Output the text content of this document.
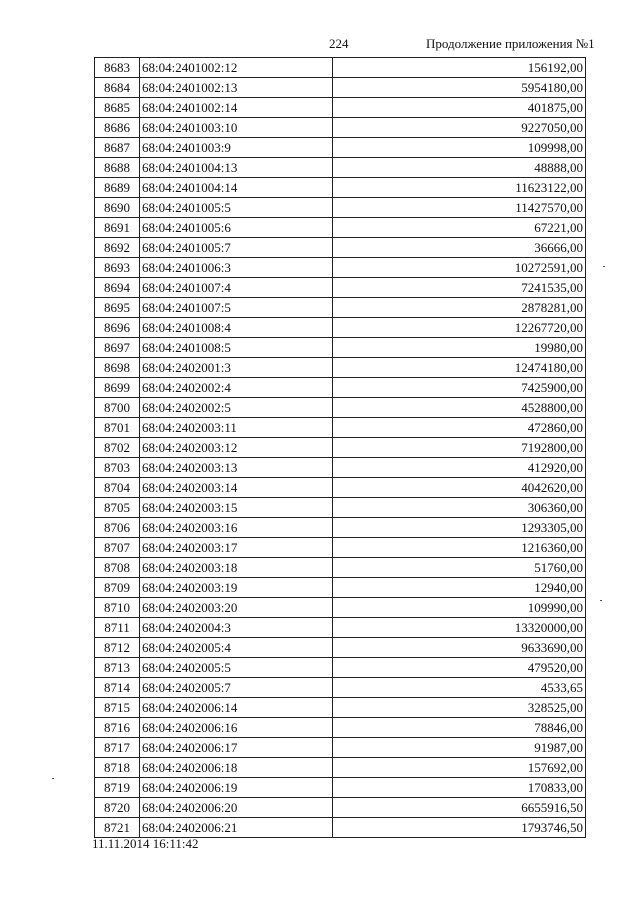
224	Продолжение приложения №1
8683	68:04:2401002:12	156192,00
8684	68:04:2401002:13	5954180,00
8685	68:04:2401002:14	401875,00
8686	68:04:2401003:10	9227050,00
8687	68:04:2401003:9	109998,00
8688	68:04:2401004:13	48888,00
8689	68:04:2401004:14	11623122,00
8690	68:04:2401005:5	11427570,00
8691	68:04:2401005:6	67221,00
8692	68:04:2401005:7	36666,00
8693	68:04:2401006:3	10272591,00
8694	68:04:2401007:4	7241535,00
8695	68:04:2401007:5	2878281,00
8696	68:04:2401008:4	12267720,00
8697	68:04:2401008:5	19980,00
8698	68:04:2402001:3	12474180,00
8699	68:04:2402002:4	7425900,00
8700	68:04:2402002:5	4528800,00
8701	68:04:2402003:11	472860,00
8702	68:04:2402003:12	7192800,00
8703	68:04:2402003:13	412920,00
8704	68:04:2402003:14	4042620,00
8705	68:04:2402003:15	306360,00
8706	68:04:2402003:16	1293305,00
8707	68:04:2402003:17	1216360,00
8708	68:04:2402003:18	51760,00
8709	68:04:2402003:19	12940,00
8710	68:04:2402003:20	109990,00
8711	68:04:2402004:3	13320000,00
8712	68:04:2402005:4	9633690,00
8713	68:04:2402005:5	479520,00
8714	68:04:2402005:7	4533,65
8715	68:04:2402006:14	328525,00
8716	68:04:2402006:16	78846,00
8717	68:04:2402006:17	91987,00
8718	68:04:2402006:18	157692,00
8719	68:04:2402006:19	170833,00
8720	68:04:2402006:20	6655916,50
8721	68:04:2402006:21	1793746,50
11.11.2014 16:11:42
